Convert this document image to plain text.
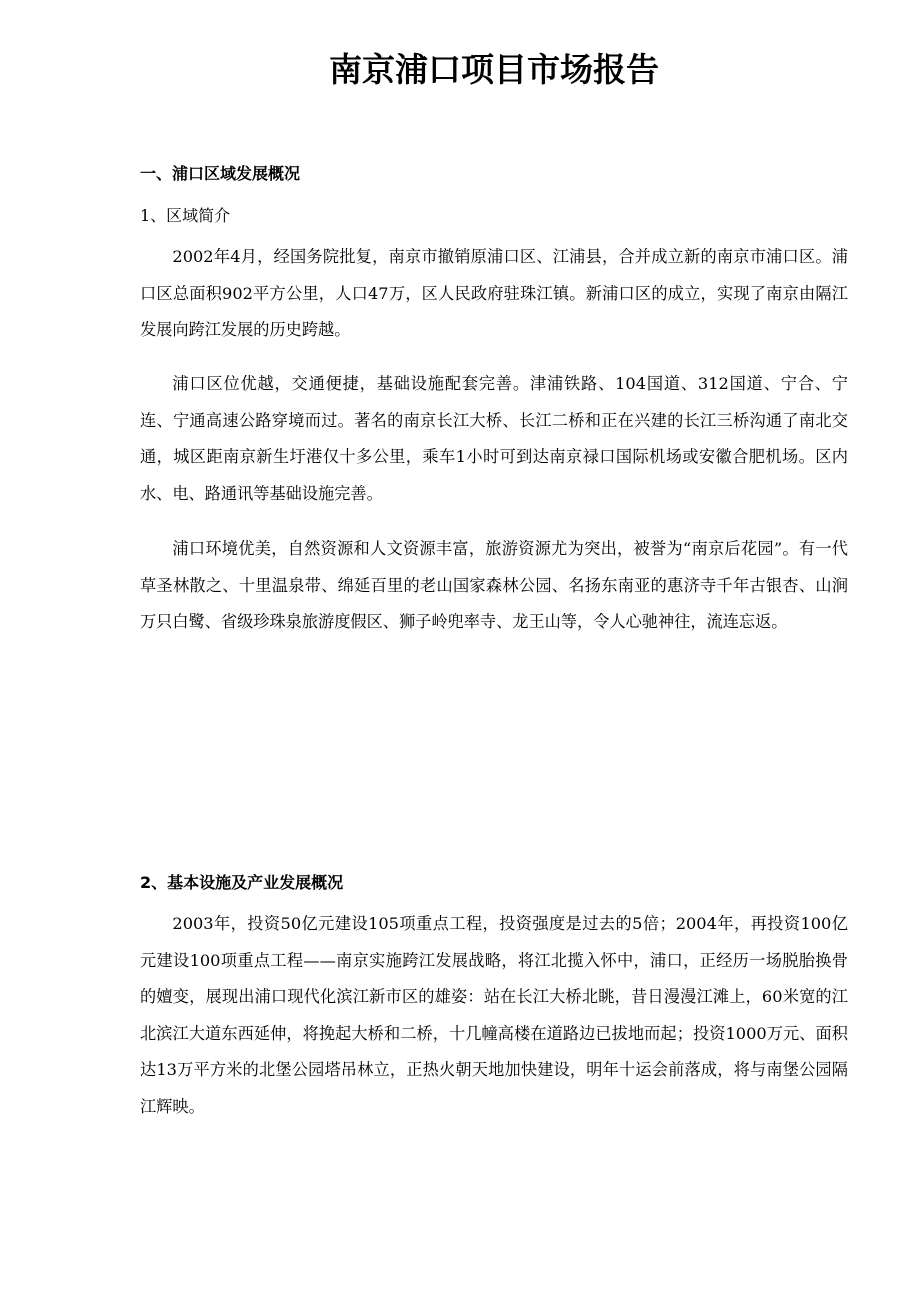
南京浦口项目市场报告
一、浦口区域发展概况
1、区域简介

2002年4月，经国务院批复，南京市撤销原浦口区、江浦县，合并成立新的南京市浦口区。浦口区总面积902平方公里，人口47万，区人民政府驻珠江镇。新浦口区的成立，实现了南京由隔江发展向跨江发展的历史跨越。

浦口区位优越，交通便捷，基础设施配套完善。津浦铁路、104国道、312国道、宁合、宁连、宁通高速公路穿境而过。著名的南京长江大桥、长江二桥和正在兴建的长江三桥沟通了南北交通，城区距南京新生圩港仅十多公里，乘车1小时可到达南京禄口国际机场或安徽合肥机场。区内水、电、路通讯等基础设施完善。

浦口环境优美，自然资源和人文资源丰富，旅游资源尤为突出，被誉为“南京后花园”。有一代草圣林散之、十里温泉带、绵延百里的老山国家森林公园、名扬东南亚的惠济寺千年古银杏、山涧万只白鹭、省级珍珠泉旅游度假区、狮子岭兜率寺、龙王山等，令人心驰神往，流连忘返。

2、基本设施及产业发展概况

2003年，投资50亿元建设105项重点工程，投资强度是过去的5倍；2004年，再投资100亿元建设100项重点工程——南京实施跨江发展战略，将江北揽入怀中，浦口，正经历一场脱胎换骨的嬗变，展现出浦口现代化滨江新市区的雄姿：站在长江大桥北眺，昔日漫漫江滩上，60米宽的江北滨江大道东西延伸，将挽起大桥和二桥，十几幢高楼在道路边已拔地而起；投资1000万元、面积达13万平方米的北堡公园塔吊林立，正热火朝天地加快建设，明年十运会前落成，将与南堡公园隔江辉映。
